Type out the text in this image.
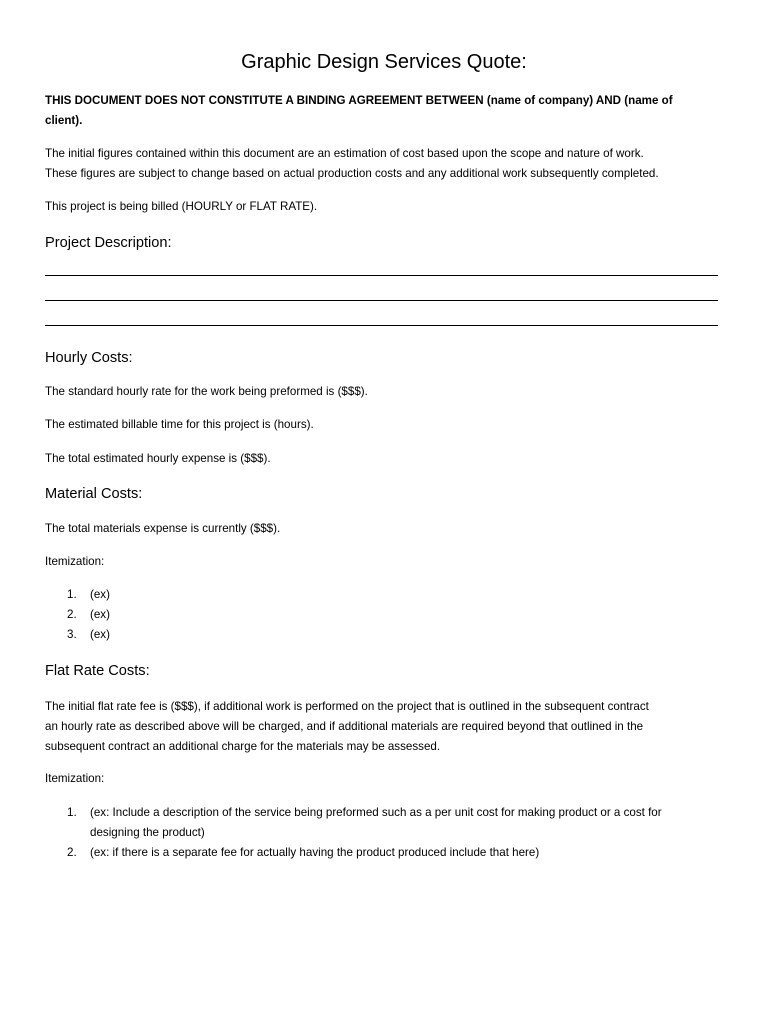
Graphic Design Services Quote:
THIS DOCUMENT DOES NOT CONSTITUTE A BINDING AGREEMENT BETWEEN (name of company) AND (name of
client).
The initial figures contained within this document are an estimation of cost based upon the scope and nature of work.
These figures are subject to change based on actual production costs and any additional work subsequently completed.
This project is being billed (HOURLY or FLAT RATE).
Project Description:
Hourly Costs:
The standard hourly rate for the work being preformed is ($$$).
The estimated billable time for this project is (hours).
The total estimated hourly expense is ($$$).
Material Costs:
The total materials expense is currently ($$$).
Itemization:
1. (ex)
2. (ex)
3. (ex)
Flat Rate Costs:
The initial flat rate fee is ($$$), if additional work is performed on the project that is outlined in the subsequent contract
an hourly rate as described above will be charged, and if additional materials are required beyond that outlined in the
subsequent contract an additional charge for the materials may be assessed.
Itemization:
1. (ex: Include a description of the service being preformed such as a per unit cost for making product or a cost for
designing the product)
2. (ex: if there is a separate fee for actually having the product produced include that here)
